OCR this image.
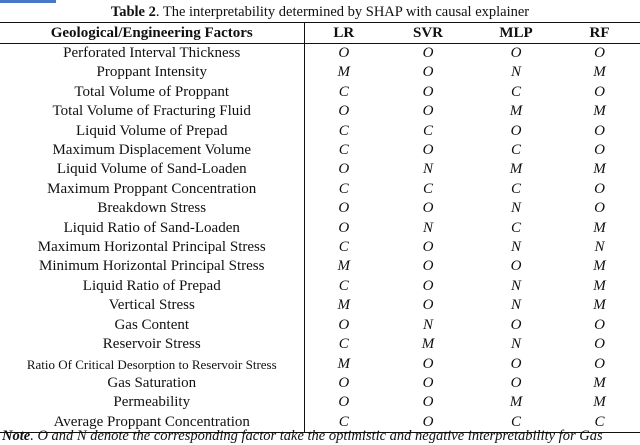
Table 2. The interpretability determined by SHAP with causal explainer
Geological/Engineering Factors	LR	SVR	MLP	RF
Perforated Interval Thickness	O	O	O	O
Proppant Intensity	M	O	N	M
Total Volume of Proppant	C	O	C	O
Total Volume of Fracturing Fluid	O	O	M	M
Liquid Volume of Prepad	C	C	O	O
Maximum Displacement Volume	C	O	C	O
Liquid Volume of Sand-Loaden	O	N	M	M
Maximum Proppant Concentration	C	C	C	O
Breakdown Stress	O	O	N	O
Liquid Ratio of Sand-Loaden	O	N	C	M
Maximum Horizontal Principal Stress	C	O	N	N
Minimum Horizontal Principal Stress	M	O	O	M
Liquid Ratio of Prepad	C	O	N	M
Vertical Stress	M	O	N	M
Gas Content	O	N	O	O
Reservoir Stress	C	M	N	O
Ratio Of Critical Desorption to Reservoir Stress	M	O	O	O
Gas Saturation	O	O	O	M
Permeability	O	O	M	M
Average Proppant Concentration	C	O	C	C
Note. O and N denote the corresponding factor take the optimistic and negative interpretability for Gas
